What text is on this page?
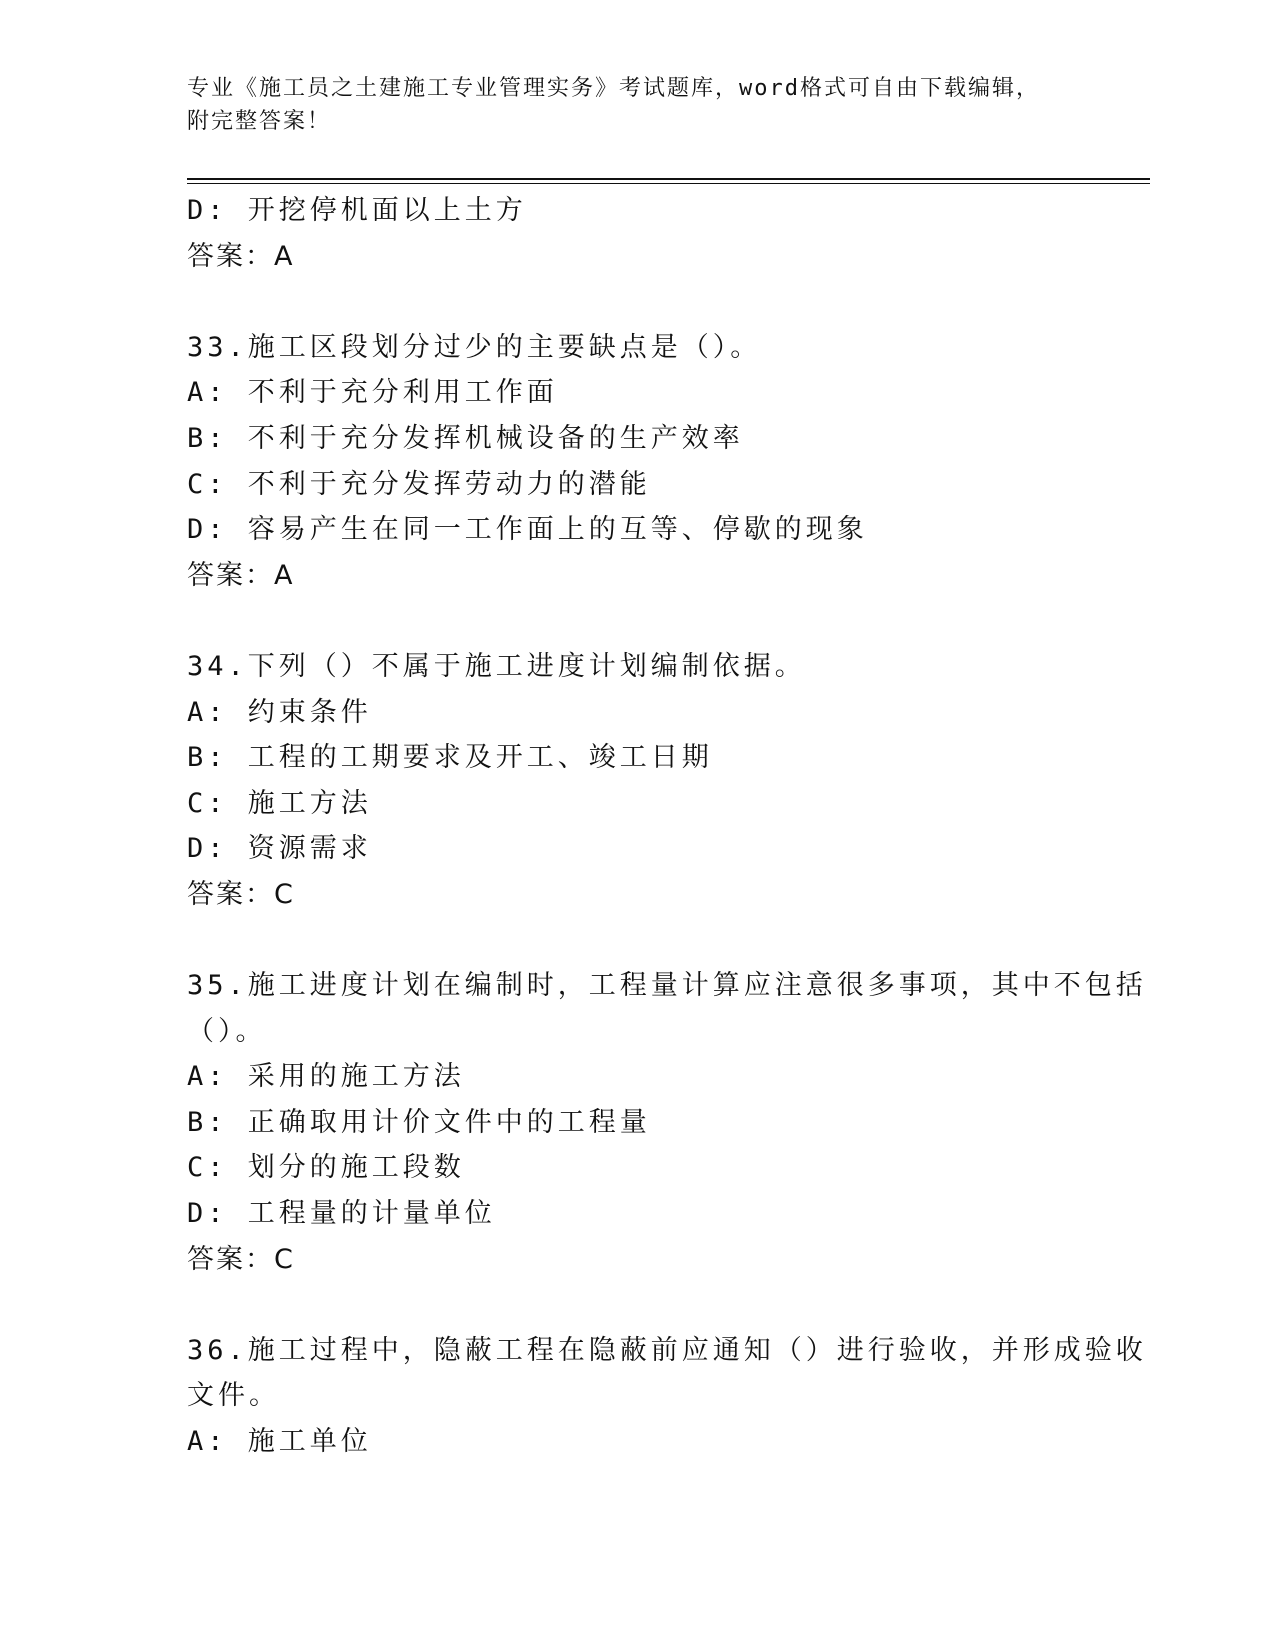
专业《施工员之土建施工专业管理实务》考试题库，word格式可自由下载编辑，
附完整答案！
D: 开挖停机面以上土方
答案：A
33.施工区段划分过少的主要缺点是（）。
A: 不利于充分利用工作面
B: 不利于充分发挥机械设备的生产效率
C: 不利于充分发挥劳动力的潜能
D: 容易产生在同一工作面上的互等、停歇的现象
答案：A
34.下列（）不属于施工进度计划编制依据。
A: 约束条件
B: 工程的工期要求及开工、竣工日期
C: 施工方法
D: 资源需求
答案：C
35.施工进度计划在编制时，工程量计算应注意很多事项，其中不包括
（）。
A: 采用的施工方法
B: 正确取用计价文件中的工程量
C: 划分的施工段数
D: 工程量的计量单位
答案：C
36.施工过程中，隐蔽工程在隐蔽前应通知（）进行验收，并形成验收
文件。
A: 施工单位
